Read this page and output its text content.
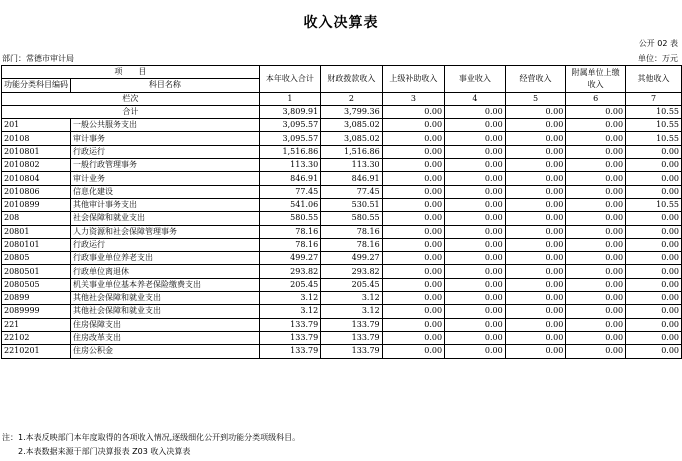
收入决算表
公开 02 表
部门：常德市审计局	单位：万元
项　　目		本年收入合计	财政拨款收入	上级补助收入	事业收入	经营收入	附属单位上缴收入	其他收入
功能分类科目编码	科目名称							
栏次		1	2	3	4	5	6	7
合计		3,809.91	3,799.36	0.00	0.00	0.00	0.00	10.55
201	一般公共服务支出	3,095.57	3,085.02	0.00	0.00	0.00	0.00	10.55
20108	审计事务	3,095.57	3,085.02	0.00	0.00	0.00	0.00	10.55
2010801	行政运行	1,516.86	1,516.86	0.00	0.00	0.00	0.00	0.00
2010802	一般行政管理事务	113.30	113.30	0.00	0.00	0.00	0.00	0.00
2010804	审计业务	846.91	846.91	0.00	0.00	0.00	0.00	0.00
2010806	信息化建设	77.45	77.45	0.00	0.00	0.00	0.00	0.00
2010899	其他审计事务支出	541.06	530.51	0.00	0.00	0.00	0.00	10.55
208	社会保障和就业支出	580.55	580.55	0.00	0.00	0.00	0.00	0.00
20801	人力资源和社会保障管理事务	78.16	78.16	0.00	0.00	0.00	0.00	0.00
2080101	行政运行	78.16	78.16	0.00	0.00	0.00	0.00	0.00
20805	行政事业单位养老支出	499.27	499.27	0.00	0.00	0.00	0.00	0.00
2080501	行政单位离退休	293.82	293.82	0.00	0.00	0.00	0.00	0.00
2080505	机关事业单位基本养老保险缴费支出	205.45	205.45	0.00	0.00	0.00	0.00	0.00
20899	其他社会保障和就业支出	3.12	3.12	0.00	0.00	0.00	0.00	0.00
2089999	其他社会保障和就业支出	3.12	3.12	0.00	0.00	0.00	0.00	0.00
221	住房保障支出	133.79	133.79	0.00	0.00	0.00	0.00	0.00
22102	住房改革支出	133.79	133.79	0.00	0.00	0.00	0.00	0.00
2210201	住房公积金	133.79	133.79	0.00	0.00	0.00	0.00	0.00
注：1.本表反映部门本年度取得的各项收入情况,逐级细化公开到功能分类项级科目。
　　2.本表数据来源于部门决算报表 Z03 收入决算表
